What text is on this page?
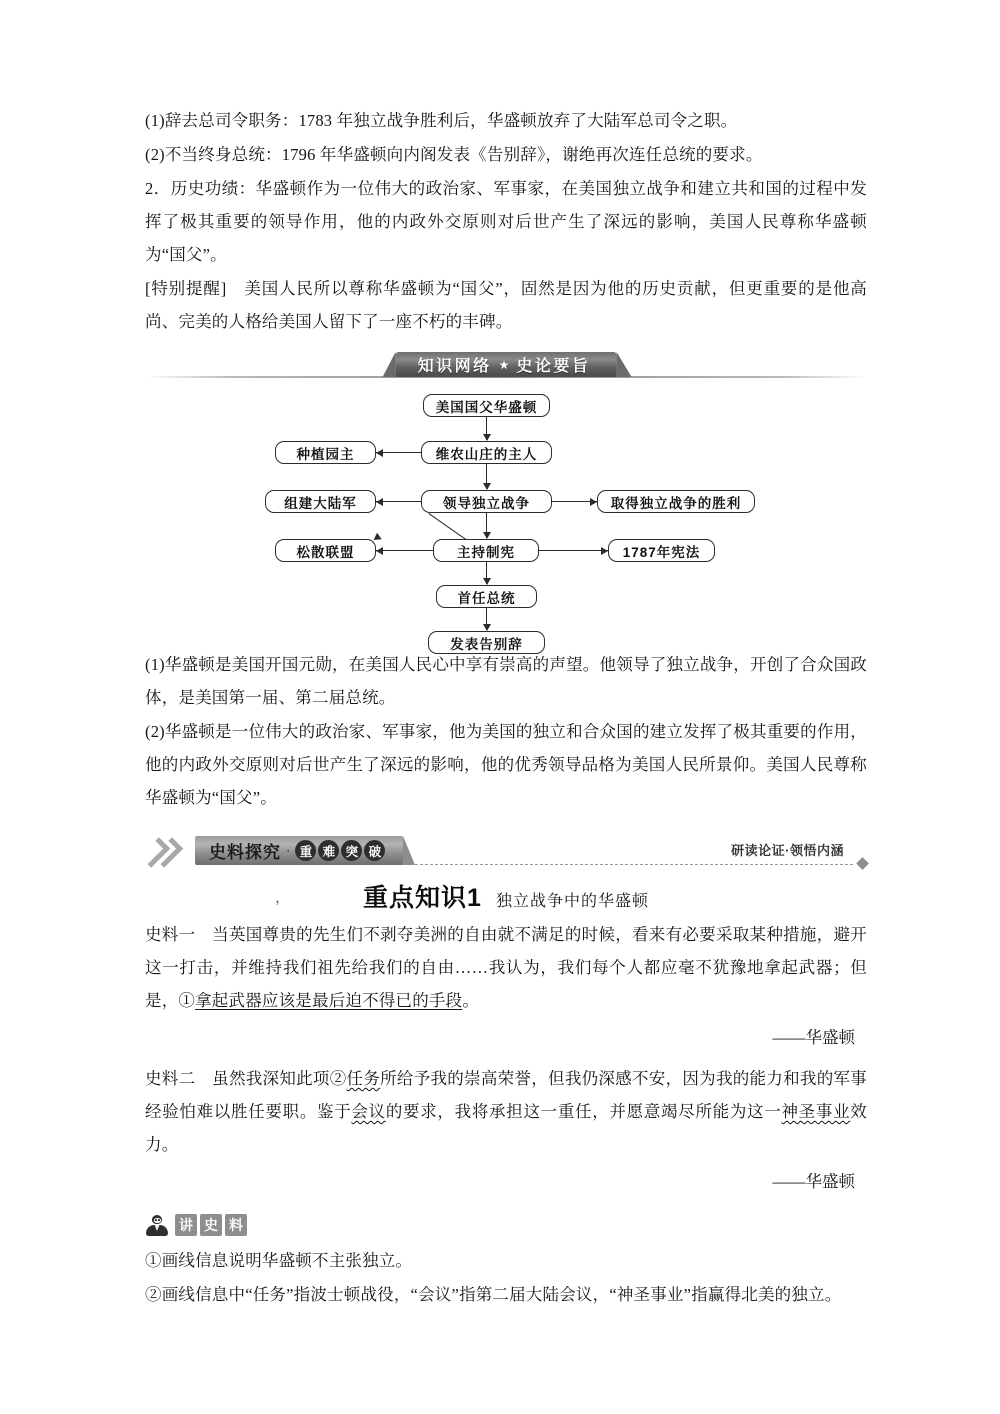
(1)辞去总司令职务：1783 年独立战争胜利后，华盛顿放弃了大陆军总司令之职。

(2)不当终身总统：1796 年华盛顿向内阁发表《告别辞》，谢绝再次连任总统的要求。

2．历史功绩：华盛顿作为一位伟大的政治家、军事家，在美国独立战争和建立共和国的过程中发挥了极其重要的领导作用，他的内政外交原则对后世产生了深远的影响，美国人民尊称华盛顿为“国父”。

[特别提醒]　美国人民所以尊称华盛顿为“国父”，固然是因为他的历史贡献，但更重要的是他高尚、完美的人格给美国人留下了一座不朽的丰碑。

知识网络 ★ 史论要旨
美国国父华盛顿
种植园主	维农山庄的主人
组建大陆军	领导独立战争	取得独立战争的胜利
松散联盟	主持制宪	1787年宪法
首任总统
发表告别辞

(1)华盛顿是美国开国元勋，在美国人民心中享有崇高的声望。他领导了独立战争，开创了合众国政体，是美国第一届、第二届总统。

(2)华盛顿是一位伟大的政治家、军事家，他为美国的独立和合众国的建立发挥了极其重要的作用，他的内政外交原则对后世产生了深远的影响，他的优秀领导品格为美国人民所景仰。美国人民尊称华盛顿为“国父”。

史料探究 · 重 难 突 破	研读论证·领悟内涵
，	重点知识1 独立战争中的华盛顿

史料一　当英国尊贵的先生们不剥夺美洲的自由就不满足的时候，看来有必要采取某种措施，避开这一打击，并维持我们祖先给我们的自由……我认为，我们每个人都应毫不犹豫地拿起武器；但是，①拿起武器应该是最后迫不得已的手段。

——华盛顿

史料二　虽然我深知此项②任务所给予我的崇高荣誉，但我仍深感不安，因为我的能力和我的军事经验怕难以胜任要职。鉴于会议的要求，我将承担这一重任，并愿意竭尽所能为这一神圣事业效力。

——华盛顿

讲 史 料

①画线信息说明华盛顿不主张独立。

②画线信息中“任务”指波士顿战役，“会议”指第二届大陆会议，“神圣事业”指赢得北美的独立。
